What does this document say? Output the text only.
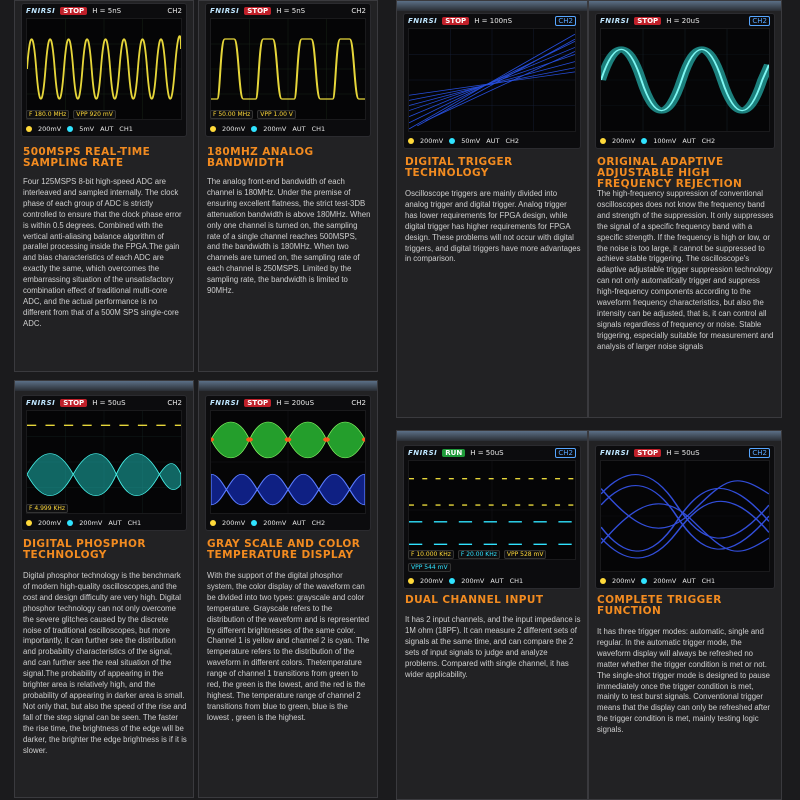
FNIRSI	STOP	H = 5nS	CH2
F 180.0 MHz	VPP 920 mV
200mV	5mV AUT CH1
500MSPS REAL-TIME SAMPLING RATE
Four 125MSPS 8-bit high-speed ADC are interleaved and sampled internally. The clock phase of each group of ADC is strictly controlled to ensure that the clock phase error is within 0.5 degrees. Combined with the vertical anti-aliasing balance algorithm of parallel processing inside the FPGA.The gain and bias characteristics of each ADC are exactly the same, which overcomes the embarrassing situation of the unsatisfactory combination effect of traditional multi-core ADC, and the actual performance is no different from that of a 500M SPS single-core ADC.
FNIRSI	STOP	H = 5nS	CH2
F 50.00 MHz	VPP 1.00 V
200mV	200mV AUT CH1
180MHZ ANALOG BANDWIDTH
The analog front-end bandwidth of each channel is 180MHz. Under the premise of ensuring excellent flatness, the strict test-3DB attenuation bandwidth is above 180MHz. When only one channel is turned on, the sampling rate of a single channel reaches 500MSPS, and the bandwidth is 180MHz. When two channels are turned on, the sampling rate of each channel is 250MSPS. Limited by the sampling rate, the bandwidth is limited to 90MHz.
FNIRSI	STOP	H = 100nS	CH2
200mV	50mV AUT CH2
DIGITAL TRIGGER TECHNOLOGY
Oscilloscope triggers are mainly divided into analog trigger and digital trigger. Analog trigger has lower requirements for FPGA design, while digital trigger has higher requirements for FPGA design. These problems will not occur with digital triggers, and digital triggers have more advantages in comparison.
FNIRSI	STOP	H = 20uS	CH2
200mV	100mV AUT CH2
ORIGINAL ADAPTIVE ADJUSTABLE HIGH FREQUENCY REJECTION
The high-frequency suppression of conventional oscilloscopes does not know the frequency band and strength of the suppression. It only suppresses the signal of a specific frequency band with a specific strength. If the frequency is high or low, or the noise is too large, it cannot be suppressed to achieve stable triggering. The oscilloscope's adaptive adjustable trigger suppression technology can not only automatically trigger and suppress high-frequency components according to the waveform frequency characteristics, but also the intensity can be adjusted, that is, it can control all signals regardless of frequency or noise. Stable triggering, especially suitable for measurement and analysis of larger noise signals
FNIRSI	STOP	H = 50uS	CH2
F 4.999 KHz
200mV	200mV AUT CH1
DIGITAL PHOSPHOR TECHNOLOGY
Digital phosphor technology is the benchmark of modern high-quality oscilloscopes,and the cost and design difficulty are very high. Digital phosphor technology can not only overcome the severe glitches caused by the discrete noise of traditional oscilloscopes, but more importantly, it can further see the distribution and probability characteristics of the signal, and can further see the real situation of the signal.The probability of appearing in the brighter area is relatively high, and the probability of appearing in darker area is small. Not only that, but also the speed of the rise and fall of the step signal can be seen. The faster the rise time, the brightness of the edge will be darker, the brighter the edge brightness is if it is slower.
FNIRSI	STOP	H = 200uS	CH2
200mV	200mV AUT CH2
GRAY SCALE AND COLOR TEMPERATURE DISPLAY
With the support of the digital phosphor system, the color display of the waveform can be divided into two types: grayscale and color temperature. Grayscale refers to the distribution of the waveform and is represented by different brightnesses of the same color. Channel 1 is yellow and channel 2 is cyan. The temperature refers to the distribution of the waveform in different colors. Thetemperature range of channel 1 transitions from green to red, the green is the lowest, and the red is the highest. The temperature range of channel 2 transitions from blue to green, blue is the lowest , green is the highest.
FNIRSI	RUN	H = 50uS	CH2
F 10.000 KHz	F 20.00 KHz	VPP 528 mV
VPP 544 mV
200mV	200mV AUT CH1
DUAL CHANNEL INPUT
It has 2 input channels, and the input impedance is 1M ohm (18PF). It can measure 2 different sets of signals at the same time, and can compare the 2 sets of input signals to judge and analyze problems. Compared with single channel, it has wider applicability.
FNIRSI	STOP	H = 50uS	CH2
200mV	200mV AUT CH1
COMPLETE TRIGGER FUNCTION
It has three trigger modes: automatic, single and regular. In the automatic trigger mode, the waveform display will always be refreshed no matter whether the trigger condition is met or not. The single-shot trigger mode is designed to pause immediately once the trigger condition is met, mainly to test burst signals. Conventional trigger means that the display can only be refreshed after the trigger condition is met, mainly testing logic signals.
